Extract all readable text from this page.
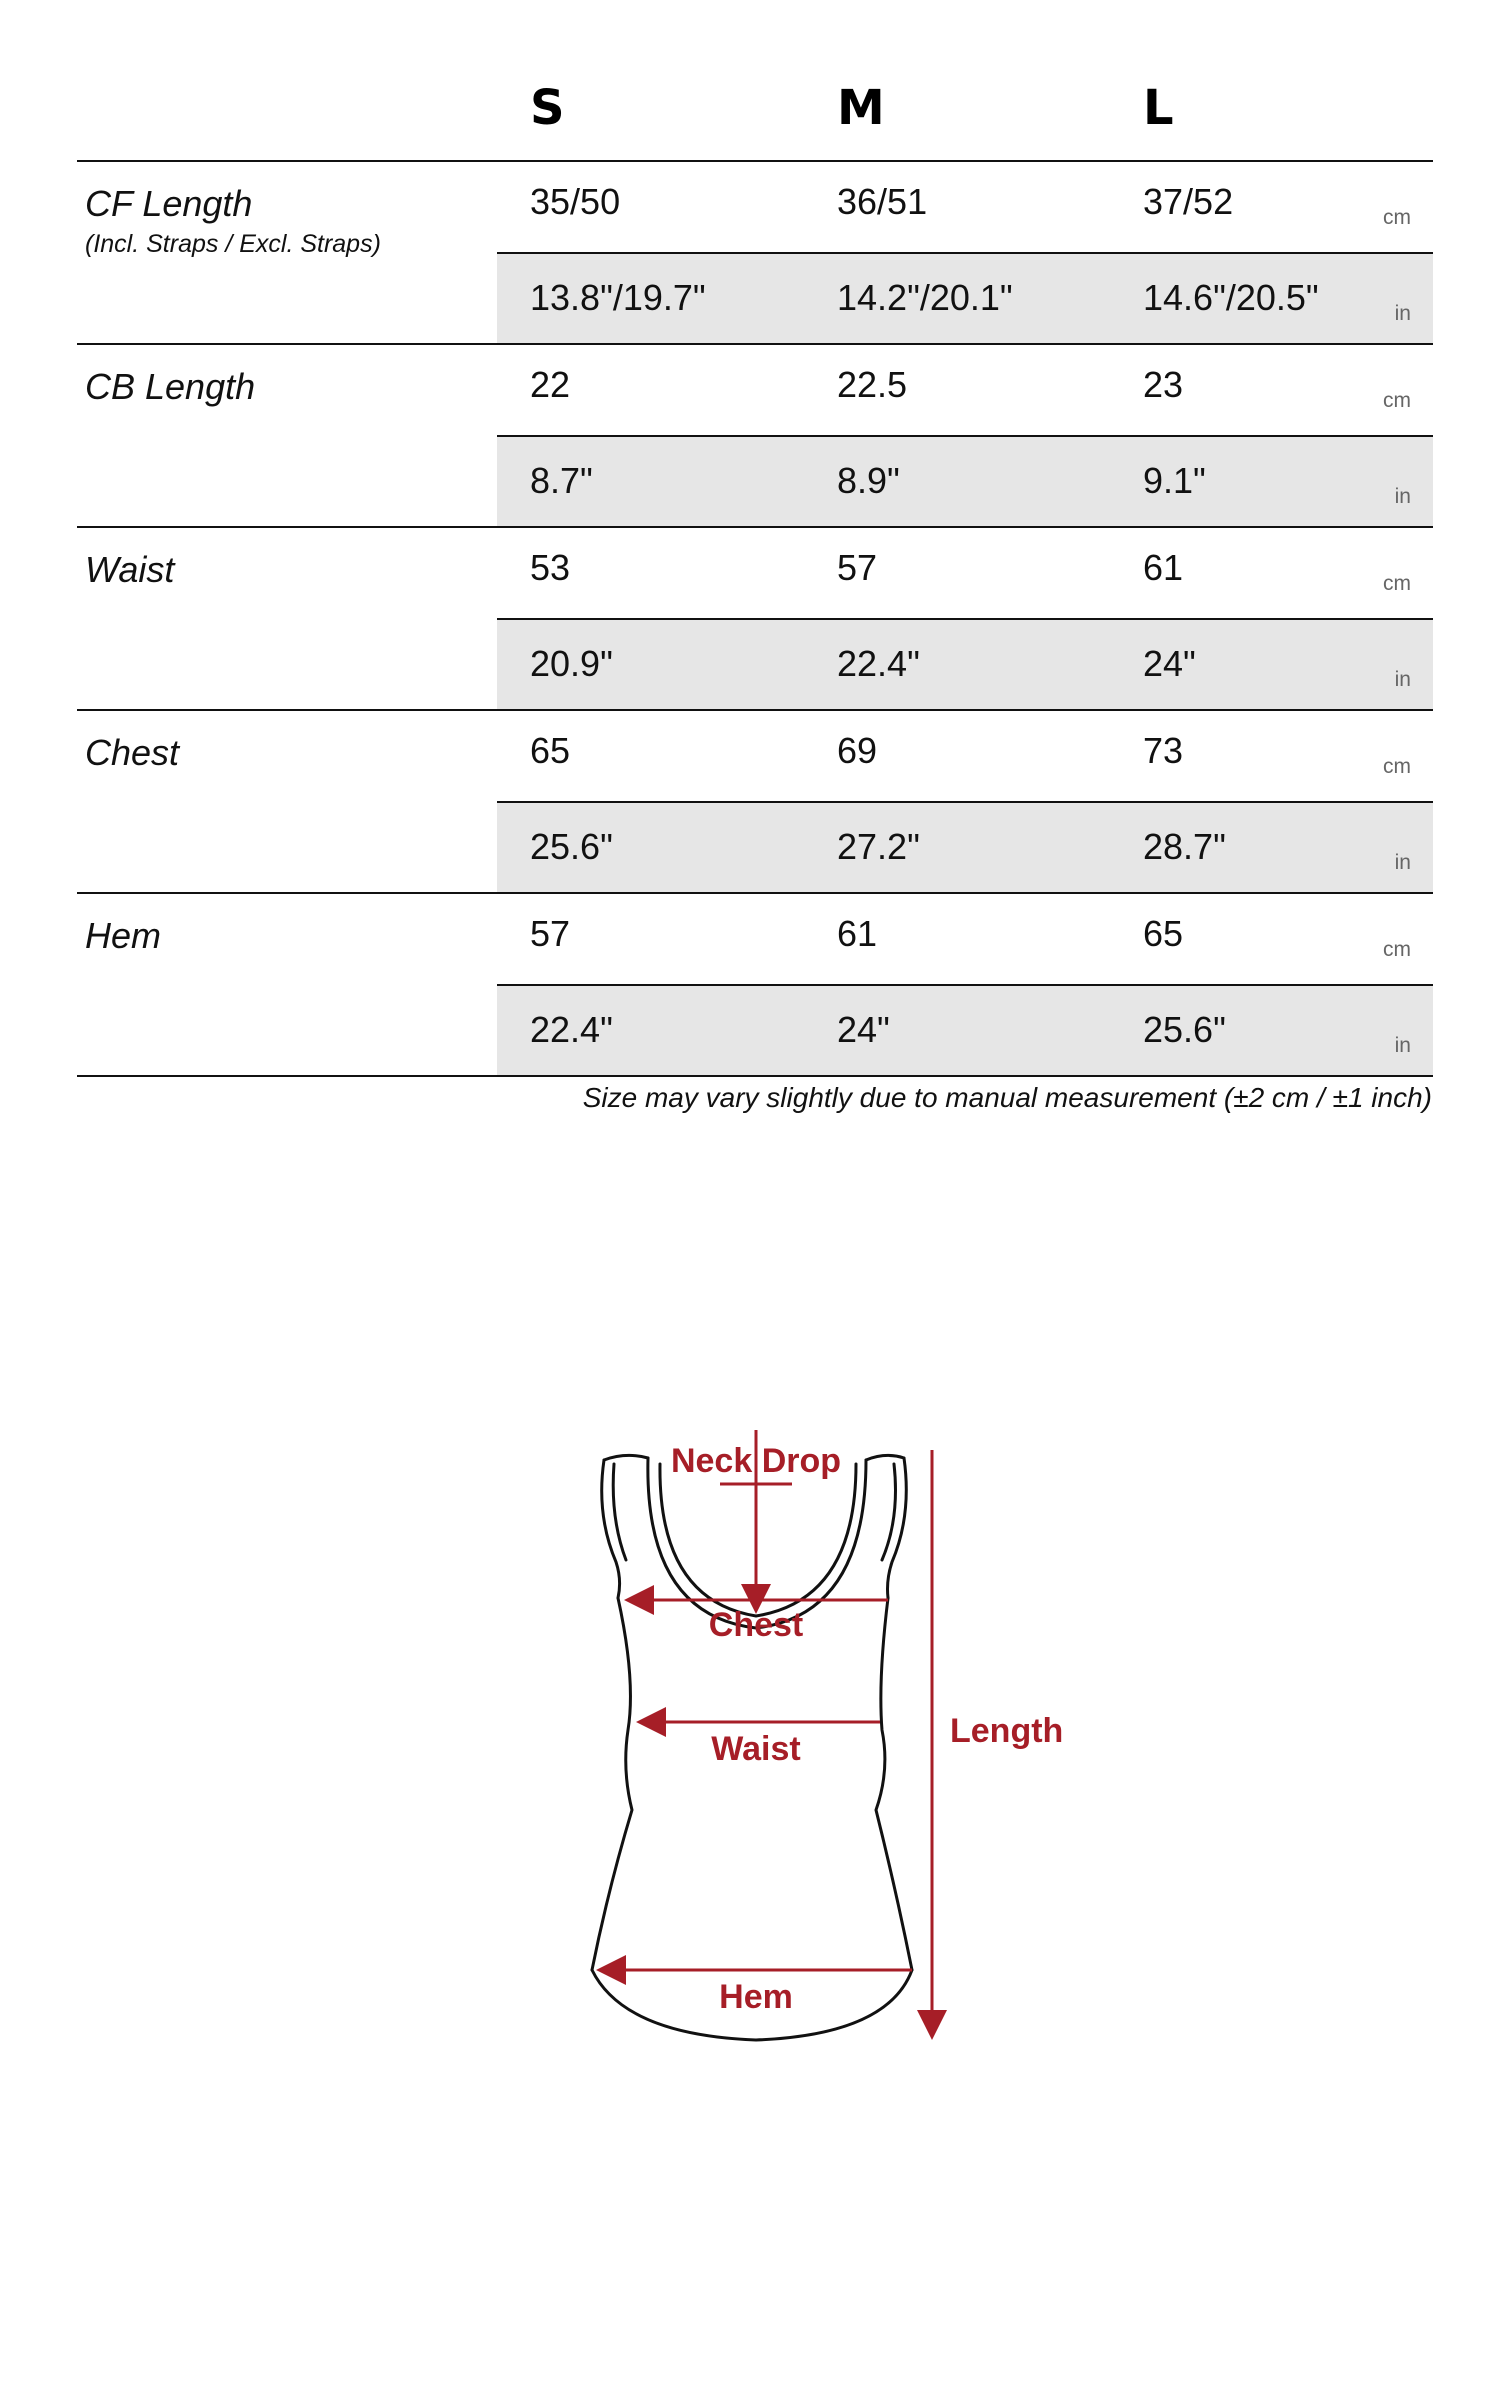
S	M	L
CF Length
(Incl. Straps / Excl. Straps)
35/50	36/51	37/52	cm
13.8"/19.7"	14.2"/20.1"	14.6"/20.5"	in
CB Length	22	22.5	23	cm
8.7"	8.9"	9.1"	in
Waist	53	57	61	cm
20.9"	22.4"	24"	in
Chest	65	69	73	cm
25.6"	27.2"	28.7"	in
Hem	57	61	65	cm
22.4"	24"	25.6"	in
Size may vary slightly due to manual measurement (±2 cm / ±1 inch)
Neck Drop
Chest
Waist
Hem
Length
